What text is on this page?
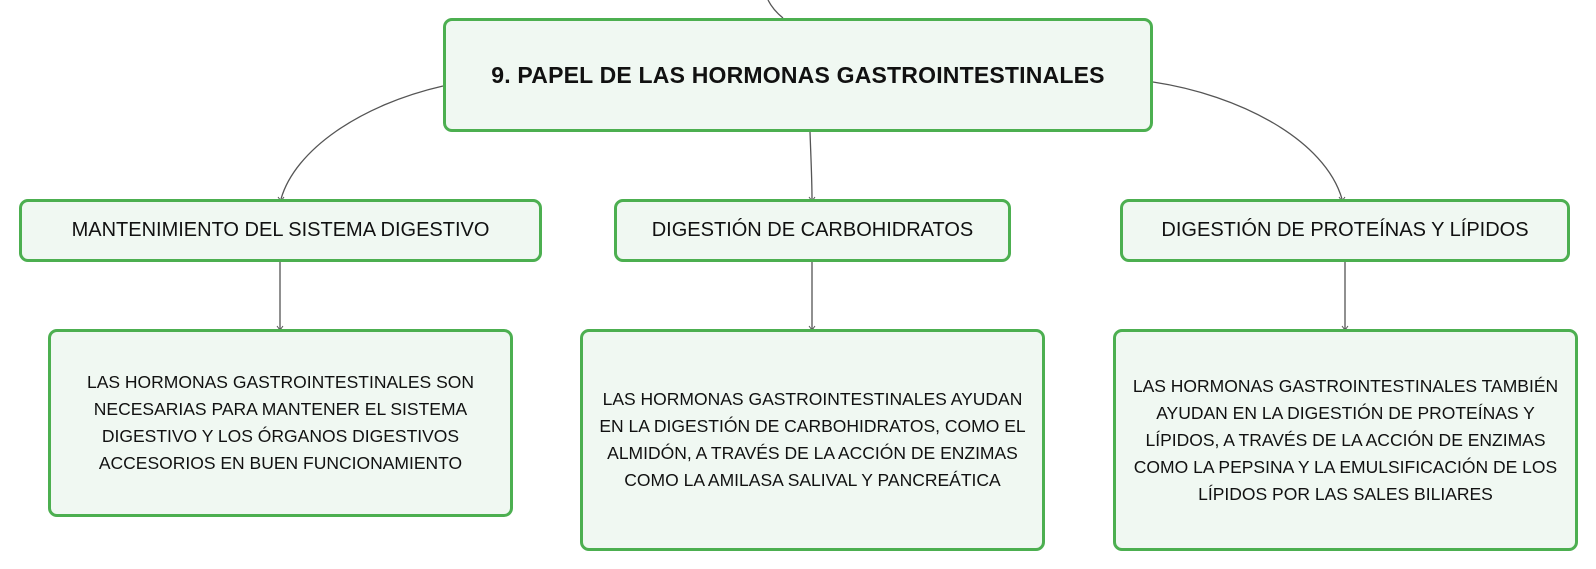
9. PAPEL DE LAS HORMONAS GASTROINTESTINALES
MANTENIMIENTO DEL SISTEMA DIGESTIVO	DIGESTIÓN DE CARBOHIDRATOS	DIGESTIÓN DE PROTEÍNAS Y LÍPIDOS
LAS HORMONAS GASTROINTESTINALES SON NECESARIAS PARA MANTENER EL SISTEMA DIGESTIVO Y LOS ÓRGANOS DIGESTIVOS ACCESORIOS EN BUEN FUNCIONAMIENTO
LAS HORMONAS GASTROINTESTINALES AYUDAN EN LA DIGESTIÓN DE CARBOHIDRATOS, COMO EL ALMIDÓN, A TRAVÉS DE LA ACCIÓN DE ENZIMAS COMO LA AMILASA SALIVAL Y PANCREÁTICA
LAS HORMONAS GASTROINTESTINALES TAMBIÉN AYUDAN EN LA DIGESTIÓN DE PROTEÍNAS Y LÍPIDOS, A TRAVÉS DE LA ACCIÓN DE ENZIMAS COMO LA PEPSINA Y LA EMULSIFICACIÓN DE LOS LÍPIDOS POR LAS SALES BILIARES
